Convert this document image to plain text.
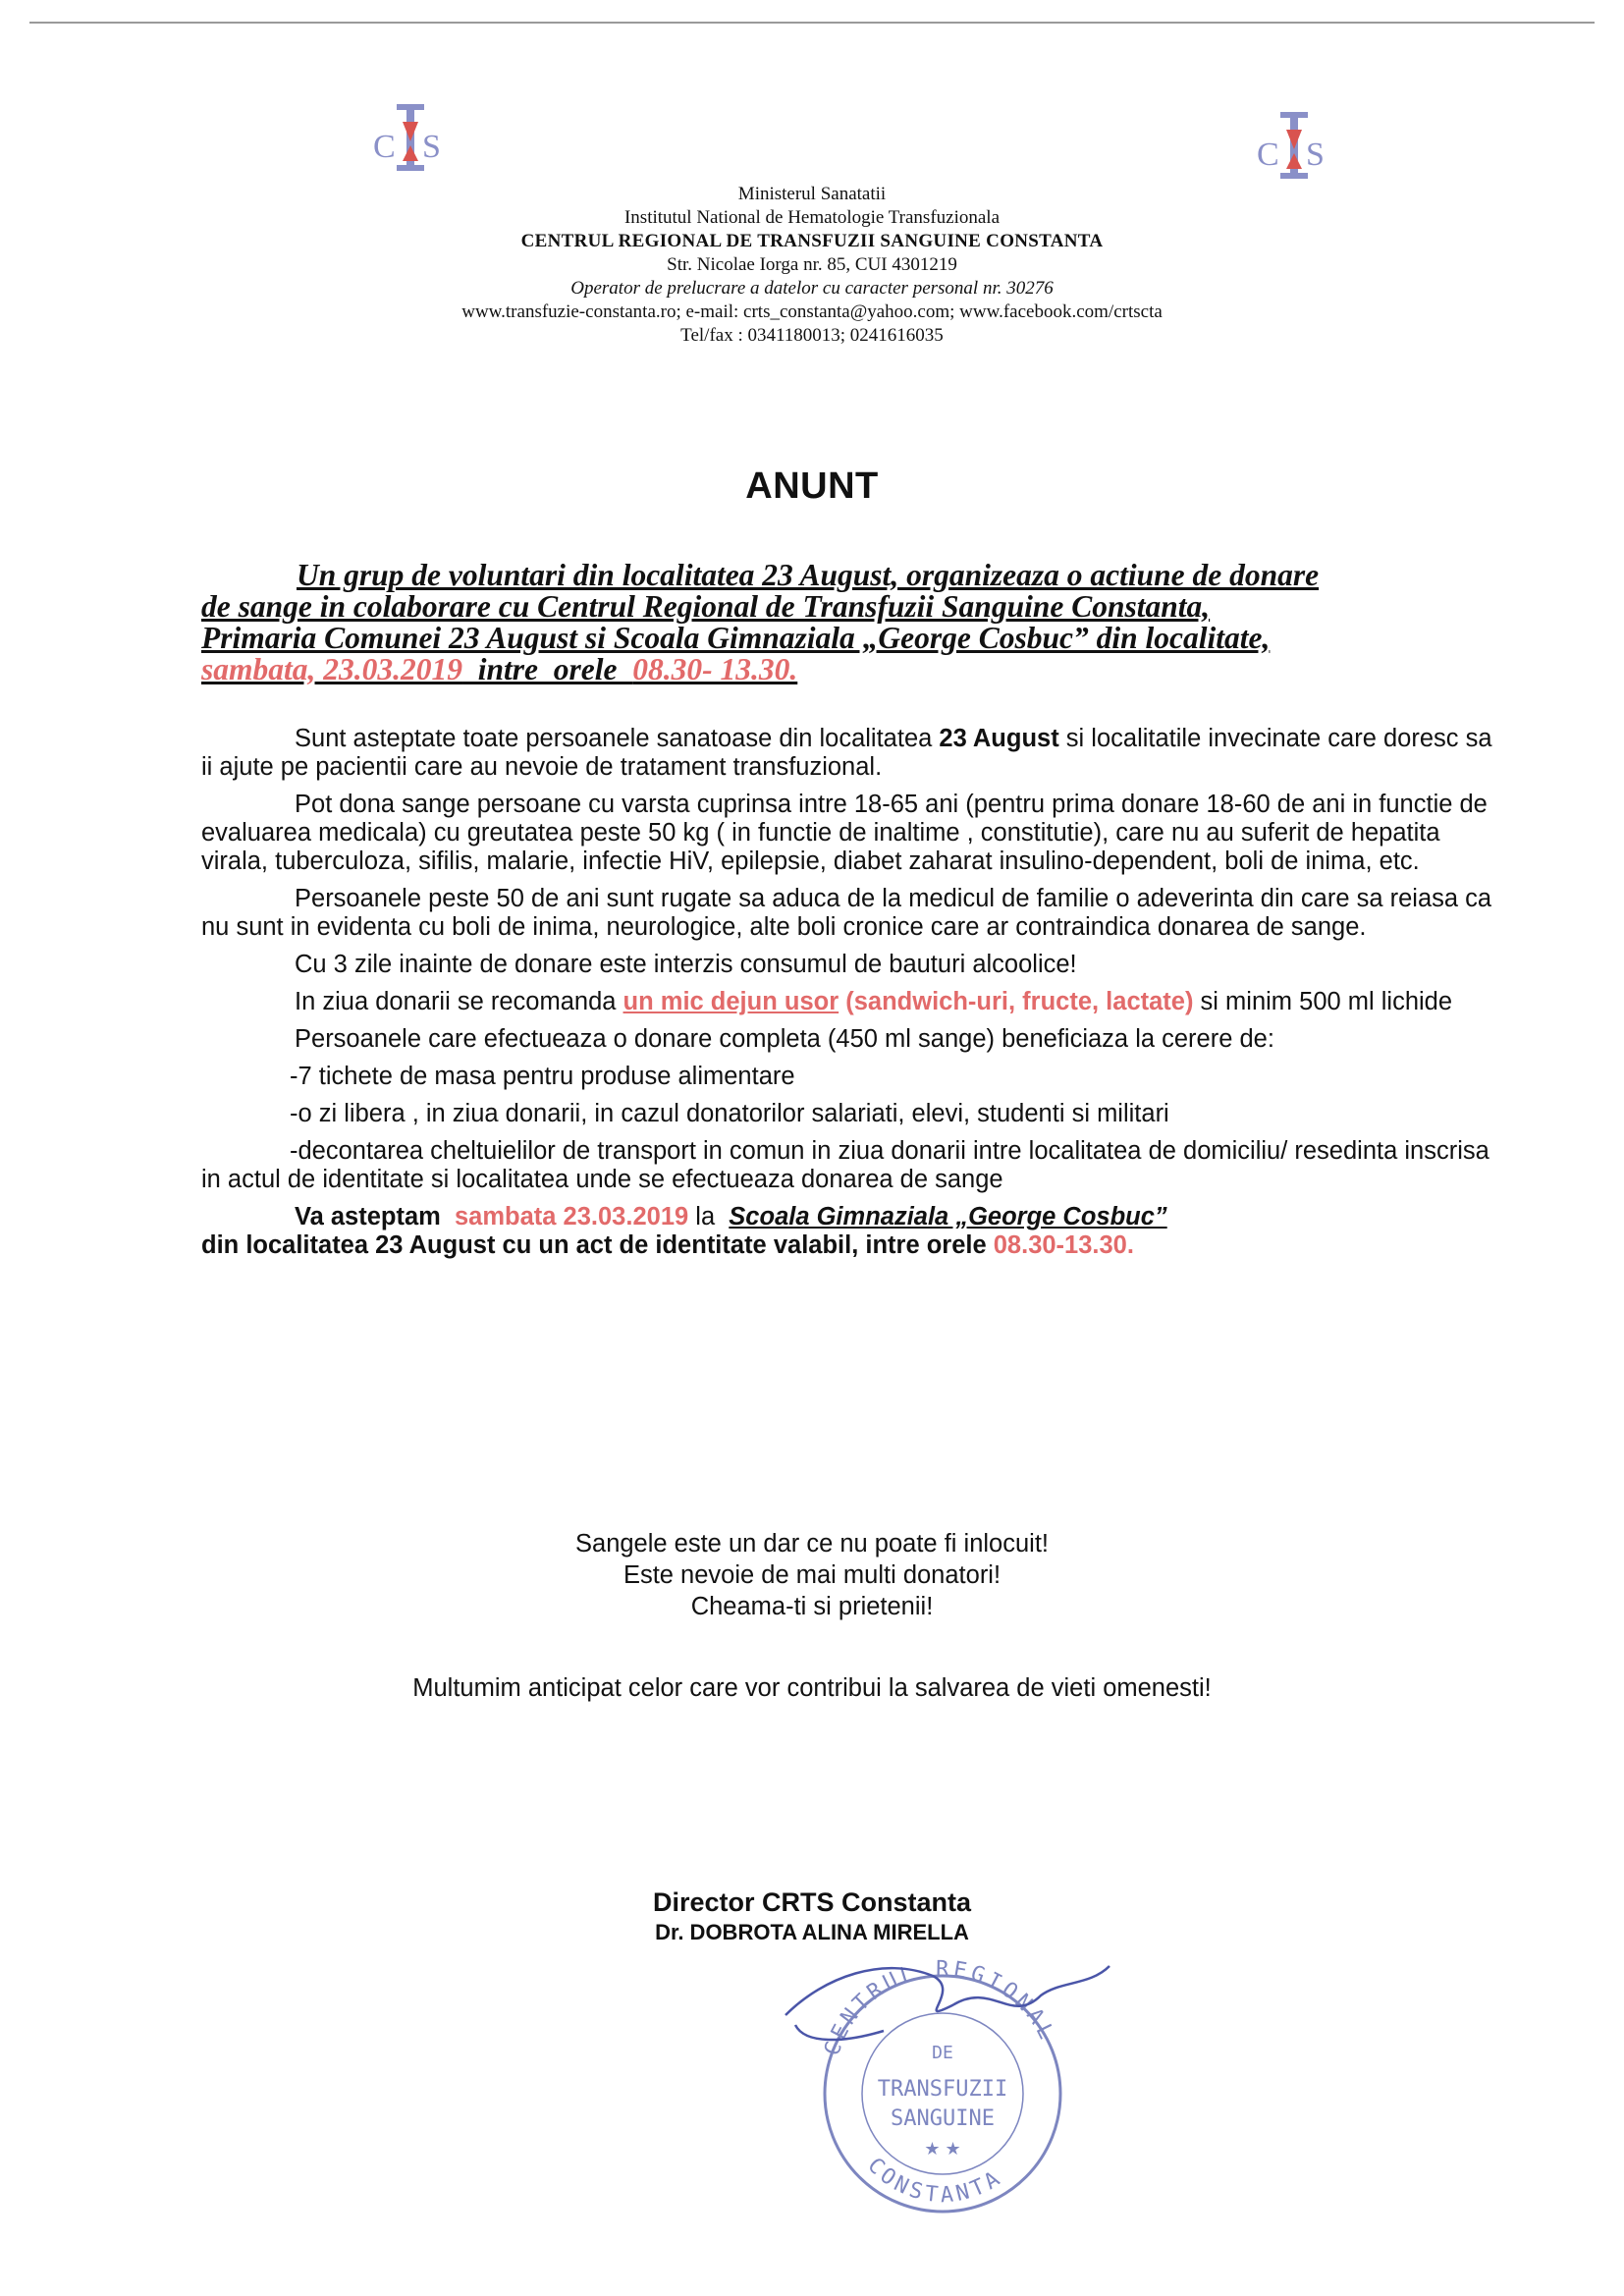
C S	C S
Ministerul Sanatatii
Institutul National de Hematologie Transfuzionala
CENTRUL REGIONAL DE TRANSFUZII SANGUINE CONSTANTA
Str. Nicolae Iorga nr. 85, CUI 4301219
Operator de prelucrare a datelor cu caracter personal nr. 30276
www.transfuzie-constanta.ro; e-mail: crts_constanta@yahoo.com; www.facebook.com/crtscta
Tel/fax : 0341180013; 0241616035
ANUNT
Un grup de voluntari din localitatea 23 August, organizeaza o actiune de donare
de sange in colaborare cu Centrul Regional de Transfuzii Sanguine Constanta,
Primaria Comunei 23 August si Scoala Gimnaziala „George Cosbuc” din localitate,
sambata, 23.03.2019  intre  orele  08.30- 13.30.

Sunt asteptate toate persoanele sanatoase din localitatea 23 August si localitatile invecinate care doresc sa ii ajute pe pacientii care au nevoie de tratament transfuzional.

Pot dona sange persoane cu varsta cuprinsa intre 18-65 ani (pentru prima donare 18-60 de ani in functie de evaluarea medicala) cu greutatea peste 50 kg ( in functie de inaltime , constitutie), care nu au suferit de hepatita virala, tuberculoza, sifilis, malarie, infectie HiV, epilepsie, diabet zaharat insulino-dependent, boli de inima, etc.

Persoanele peste 50 de ani sunt rugate sa aduca de la medicul de familie o adeverinta din care sa reiasa ca nu sunt in evidenta cu boli de inima, neurologice, alte boli cronice care ar contraindica donarea de sange.

Cu 3 zile inainte de donare este interzis consumul de bauturi alcoolice!

In ziua donarii se recomanda un mic dejun usor (sandwich-uri, fructe, lactate) si minim 500 ml lichide

Persoanele care efectueaza o donare completa (450 ml sange) beneficiaza la cerere de:

-7 tichete de masa pentru produse alimentare

-o zi libera , in ziua donarii, in cazul donatorilor salariati, elevi, studenti si militari

-decontarea cheltuielilor de transport in comun in ziua donarii intre localitatea de domiciliu/ resedinta inscrisa in actul de identitate si localitatea unde se efectueaza donarea de sange

Va asteptam  sambata 23.03.2019 la  Scoala Gimnaziala „George Cosbuc”

din localitatea 23 August cu un act de identitate valabil, intre orele 08.30-13.30.

Sangele este un dar ce nu poate fi inlocuit!
Este nevoie de mai multi donatori!
Cheama-ti si prietenii!
Multumim anticipat celor care vor contribui la salvarea de vieti omenesti!
Director CRTS Constanta
Dr. DOBROTA ALINA MIRELLA
CENTRUL REGIONAL
CONSTANTA
DE
TRANSFUZII
SANGUINE
★ ★
